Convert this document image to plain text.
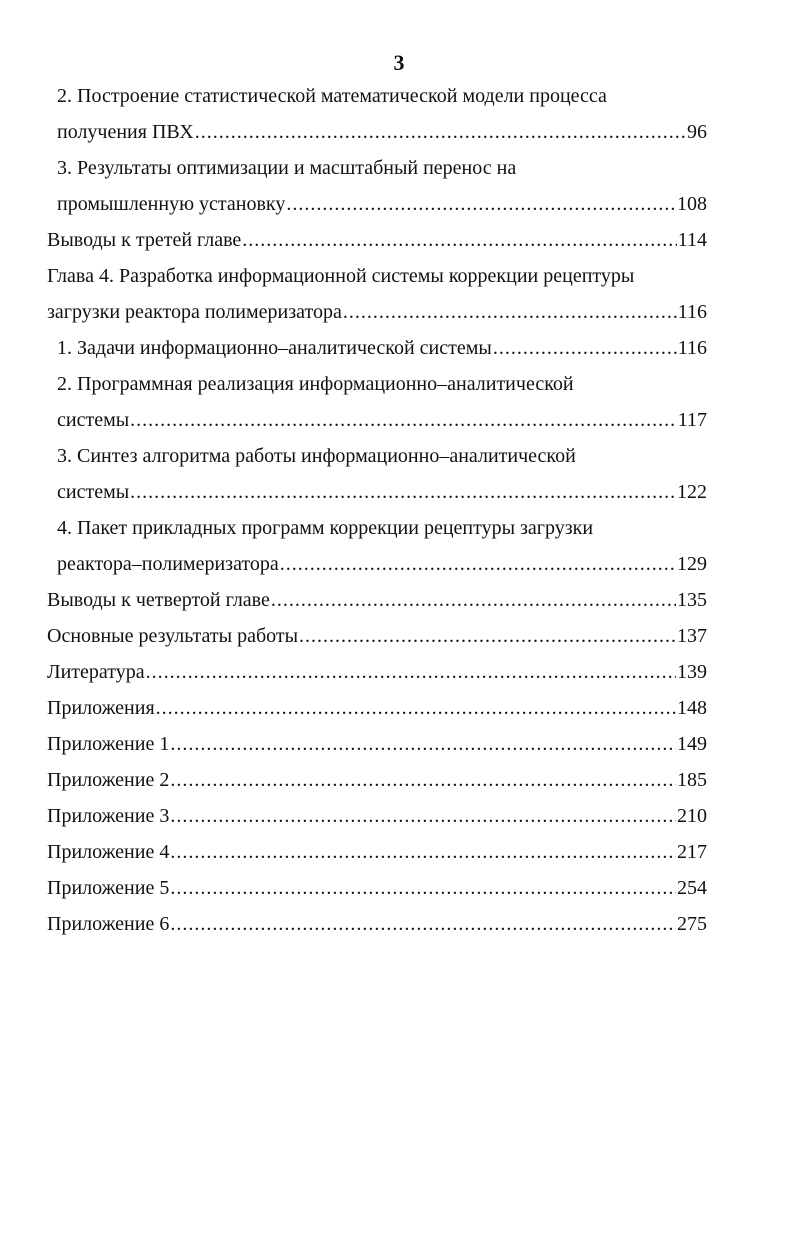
3
2. Построение статистической математической модели процесса
получения ПВХ .....	96
3. Результаты оптимизации и масштабный перенос на
промышленную установку .....	108
Выводы к третей главе .....	114
Глава 4. Разработка информационной системы коррекции рецептуры
загрузки реактора полимеризатора .....	116
1. Задачи информационно–аналитической системы .....	116
2. Программная реализация информационно–аналитической
системы .....	117
3. Синтез алгоритма работы информационно–аналитической
системы .....	122
4. Пакет прикладных программ коррекции рецептуры загрузки
реактора–полимеризатора .....	129
Выводы к четвертой главе .....	135
Основные результаты работы .....	137
Литература .....	139
Приложения .....	148
Приложение 1 .....	149
Приложение 2 .....	185
Приложение 3 .....	210
Приложение 4 .....	217
Приложение 5 .....	254
Приложение 6 .....	275
